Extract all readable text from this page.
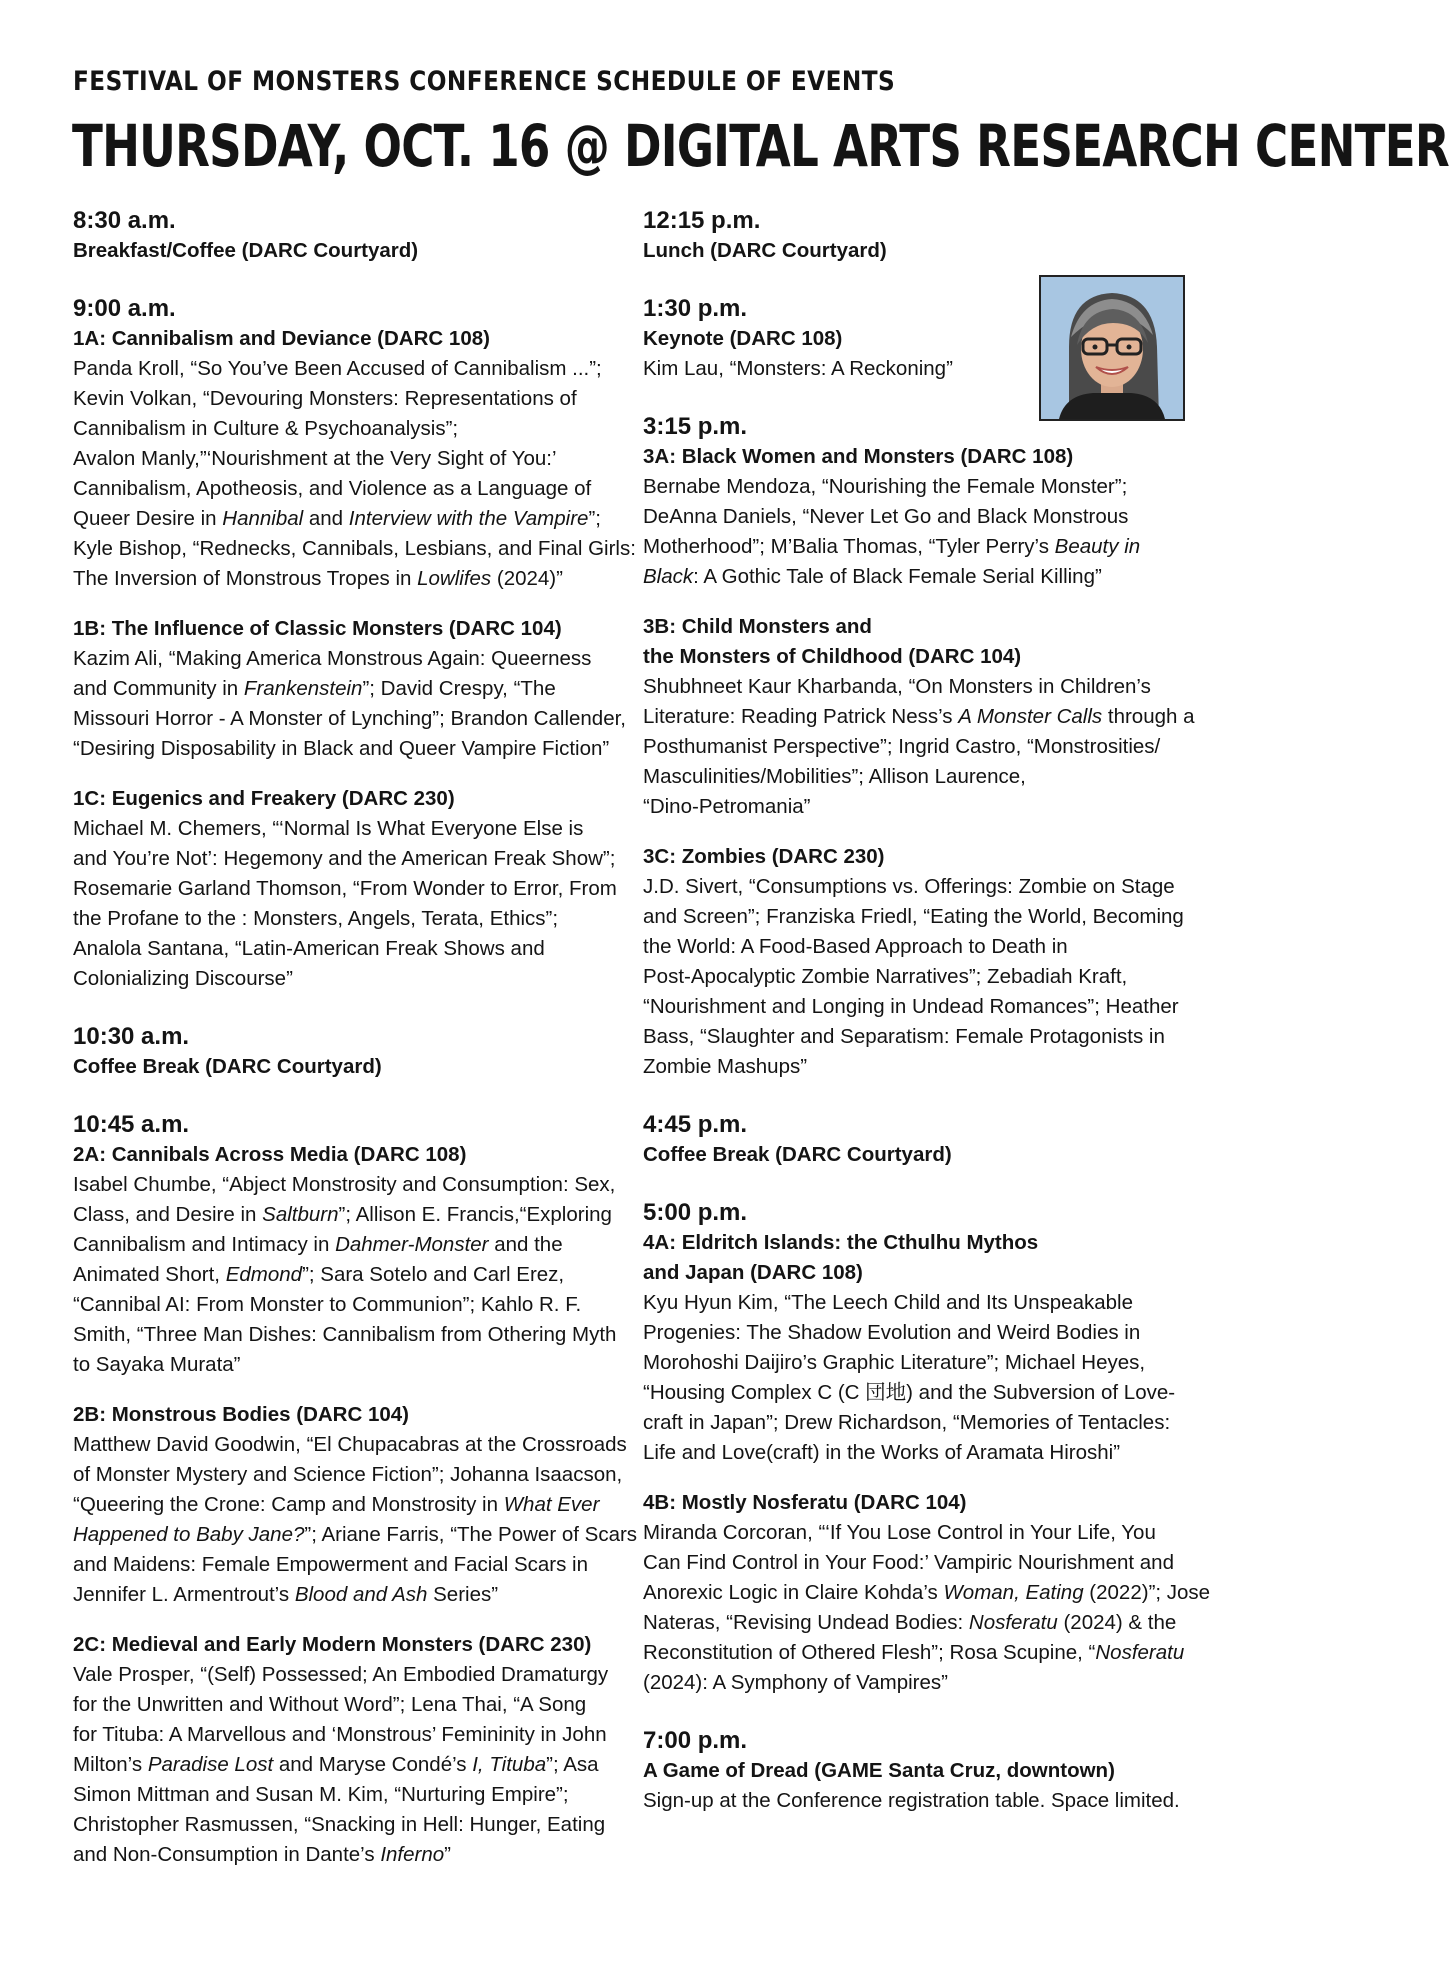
FESTIVAL OF MONSTERS CONFERENCE SCHEDULE OF EVENTS
THURSDAY, OCT. 16 @ DIGITAL ARTS RESEARCH CENTER
8:30 a.m.
Breakfast/Coffee (DARC Courtyard)
9:00 a.m.
1A: Cannibalism and Deviance (DARC 108)
Panda Kroll, “So You’ve Been Accused of Cannibalism ...”;
Kevin Volkan, “Devouring Monsters: Representations of
Cannibalism in Culture & Psychoanalysis”;
Avalon Manly,”‘Nourishment at the Very Sight of You:’
Cannibalism, Apotheosis, and Violence as a Language of
Queer Desire in Hannibal and Interview with the Vampire”;
Kyle Bishop, “Rednecks, Cannibals, Lesbians, and Final Girls:
The Inversion of Monstrous Tropes in Lowlifes (2024)”
1B: The Influence of Classic Monsters (DARC 104)
Kazim Ali, “Making America Monstrous Again: Queerness
and Community in Frankenstein”; David Crespy, “The
Missouri Horror - A Monster of Lynching”; Brandon Callender,
“Desiring Disposability in Black and Queer Vampire Fiction”
1C: Eugenics and Freakery (DARC 230)
Michael M. Chemers, “‘Normal Is What Everyone Else is
and You’re Not’: Hegemony and the American Freak Show”;
Rosemarie Garland Thomson, “From Wonder to Error, From
the Profane to the : Monsters, Angels, Terata, Ethics”;
Analola Santana, “Latin-American Freak Shows and
Colonializing Discourse”
10:30 a.m.
Coffee Break (DARC Courtyard)
10:45 a.m.
2A: Cannibals Across Media (DARC 108)
Isabel Chumbe, “Abject Monstrosity and Consumption: Sex,
Class, and Desire in Saltburn”; Allison E. Francis,“Exploring
Cannibalism and Intimacy in Dahmer-Monster and the
Animated Short, Edmond”; Sara Sotelo and Carl Erez,
“Cannibal AI: From Monster to Communion”; Kahlo R. F.
Smith, “Three Man Dishes: Cannibalism from Othering Myth
to Sayaka Murata”
2B: Monstrous Bodies (DARC 104)
Matthew David Goodwin, “El Chupacabras at the Crossroads
of Monster Mystery and Science Fiction”; Johanna Isaacson,
“Queering the Crone: Camp and Monstrosity in What Ever
Happened to Baby Jane?”; Ariane Farris, “The Power of Scars
and Maidens: Female Empowerment and Facial Scars in
Jennifer L. Armentrout’s Blood and Ash Series”
2C: Medieval and Early Modern Monsters (DARC 230)
Vale Prosper, “(Self) Possessed; An Embodied Dramaturgy
for the Unwritten and Without Word”; Lena Thai, “A Song
for Tituba: A Marvellous and ‘Monstrous’ Femininity in John
Milton’s Paradise Lost and Maryse Condé’s I, Tituba”; Asa
Simon Mittman and Susan M. Kim, “Nurturing Empire”;
Christopher Rasmussen, “Snacking in Hell: Hunger, Eating
and Non-Consumption in Dante’s Inferno”
12:15 p.m.
Lunch (DARC Courtyard)
1:30 p.m.
Keynote (DARC 108)
Kim Lau, “Monsters: A Reckoning”
3:15 p.m.
3A: Black Women and Monsters (DARC 108)
Bernabe Mendoza, “Nourishing the Female Monster”;
DeAnna Daniels, “Never Let Go and Black Monstrous
Motherhood”; M’Balia Thomas, “Tyler Perry’s Beauty in
Black: A Gothic Tale of Black Female Serial Killing”
3B: Child Monsters and
the Monsters of Childhood (DARC 104)
Shubhneet Kaur Kharbanda, “On Monsters in Children’s
Literature: Reading Patrick Ness’s A Monster Calls through a
Posthumanist Perspective”; Ingrid Castro, “Monstrosities/
Masculinities/Mobilities”; Allison Laurence,
“Dino-Petromania”
3C: Zombies (DARC 230)
J.D. Sivert, “Consumptions vs. Offerings: Zombie on Stage
and Screen”; Franziska Friedl, “Eating the World, Becoming
the World: A Food-Based Approach to Death in
Post-Apocalyptic Zombie Narratives”; Zebadiah Kraft,
“Nourishment and Longing in Undead Romances”; Heather
Bass, “Slaughter and Separatism: Female Protagonists in
Zombie Mashups”
4:45 p.m.
Coffee Break (DARC Courtyard)
5:00 p.m.
4A: Eldritch Islands: the Cthulhu Mythos
and Japan (DARC 108)
Kyu Hyun Kim, “The Leech Child and Its Unspeakable
Progenies: The Shadow Evolution and Weird Bodies in
Morohoshi Daijiro’s Graphic Literature”; Michael Heyes,
“Housing Complex C (C 団地) and the Subversion of Love-
craft in Japan”; Drew Richardson, “Memories of Tentacles:
Life and Love(craft) in the Works of Aramata Hiroshi”
4B: Mostly Nosferatu (DARC 104)
Miranda Corcoran, “‘If You Lose Control in Your Life, You
Can Find Control in Your Food:’ Vampiric Nourishment and
Anorexic Logic in Claire Kohda’s Woman, Eating (2022)”; Jose
Nateras, “Revising Undead Bodies: Nosferatu (2024) & the
Reconstitution of Othered Flesh”; Rosa Scupine, “Nosferatu
(2024): A Symphony of Vampires”
7:00 p.m.
A Game of Dread (GAME Santa Cruz, downtown)
Sign-up at the Conference registration table. Space limited.
